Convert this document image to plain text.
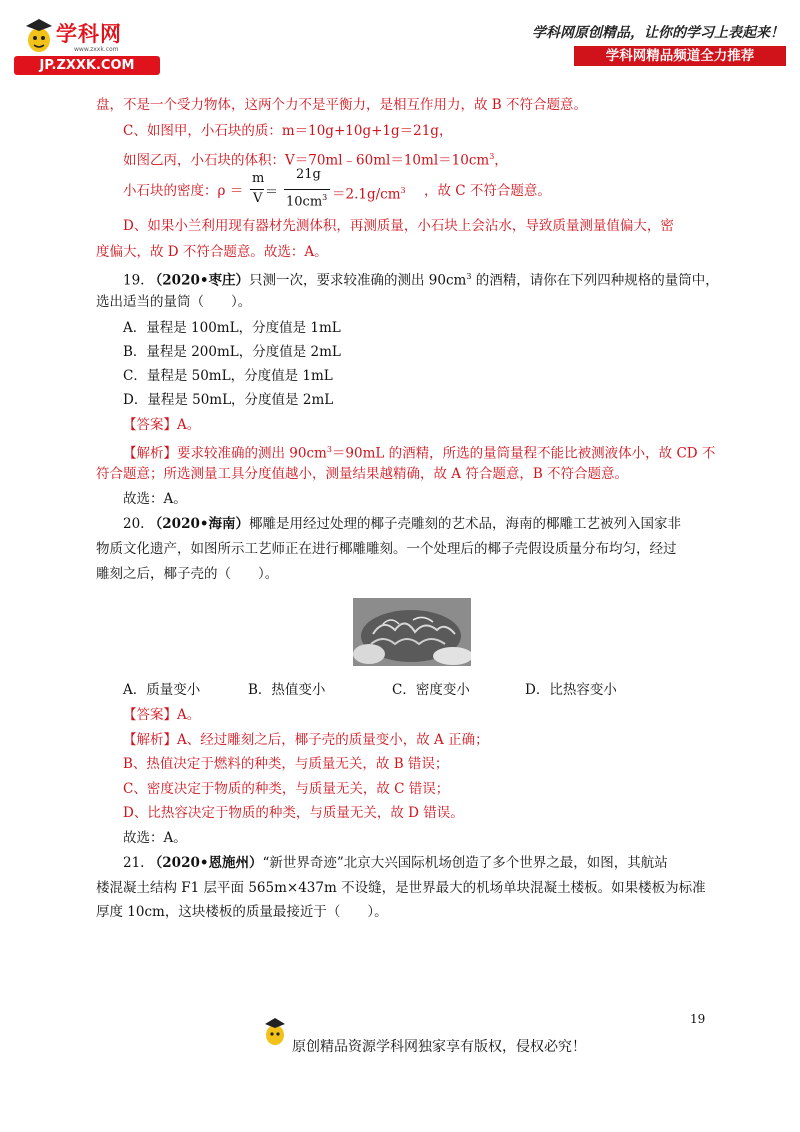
学科网
www.zxxk.com
JP.ZXXK.COM
学科网原创精品，让你的学习上表起来！
学科网精品频道全力推荐
盘，不是一个受力物体，这两个力不是平衡力，是相互作用力，故 B 不符合题意。
C、如图甲，小石块的质：m＝10g+10g+1g＝21g，
如图乙丙，小石块的体积：$V=70ml﹣60ml=10ml=10cm^3$，
小石块的密度：ρ ＝
m
V ＝
21g
$10cm^3 =2.1g/cm^3$ ，故 C 不符合题意。
D、如果小兰利用现有器材先测体积，再测质量，小石块上会沾水，导致质量测量值偏大，密
度偏大，故 D 不符合题意。故选：A。
19. （2020•枣庄）只测一次，要求较准确的测出 $90cm^3$ 的酒精，请你在下列四种规格的量筒中，
选出适当的量筒（　　）。
A．量程是 100mL，分度值是 1mL
B．量程是 200mL，分度值是 2mL
C．量程是 50mL，分度值是 1mL
D．量程是 50mL，分度值是 2mL
【答案】A。
【解析】要求较准确的测出 $90cm^3=90mL$ 的酒精，所选的量筒量程不能比被测液体小，故 CD 不
符合题意；所选测量工具分度值越小，测量结果越精确，故 A 符合题意，B 不符合题意。
故选：A。
20. （2020•海南）椰雕是用经过处理的椰子壳雕刻的艺术品，海南的椰雕工艺被列入国家非
物质文化遗产，如图所示工艺师正在进行椰雕雕刻。一个处理后的椰子壳假设质量分布均匀，经过
雕刻之后，椰子壳的（　　）。
A．质量变小	B．热值变小	C．密度变小	D．比热容变小
【答案】A。
【解析】A、经过雕刻之后，椰子壳的质量变小，故 A 正确；
B、热值决定于燃料的种类，与质量无关，故 B 错误；
C、密度决定于物质的种类，与质量无关，故 C 错误；
D、比热容决定于物质的种类，与质量无关，故 D 错误。
故选：A。
21. （2020•恩施州）“新世界奇迹”北京大兴国际机场创造了多个世界之最，如图，其航站
楼混凝土结构 F1 层平面 565m×437m 不设缝，是世界最大的机场单块混凝土楼板。如果楼板为标准
厚度 10cm，这块楼板的质量最接近于（　　）。
19
原创精品资源学科网独家享有版权，侵权必究！
